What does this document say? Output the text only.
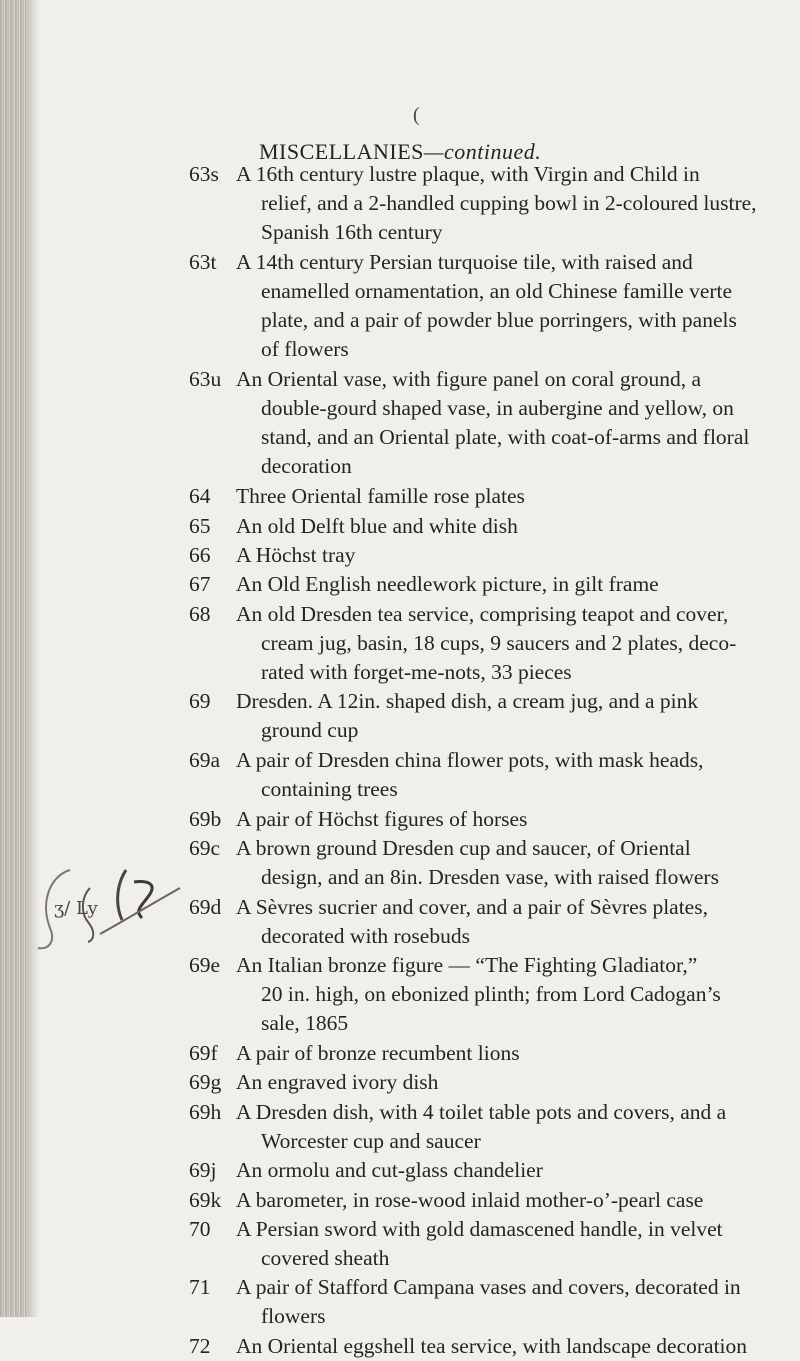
(
MISCELLANIES—continued.
ʒ/ Ly
63s A 16th century lustre plaque, with Virgin and Child in
relief, and a 2-handled cupping bowl in 2-coloured lustre,
Spanish 16th century
63t A 14th century Persian turquoise tile, with raised and
enamelled ornamentation, an old Chinese famille verte
plate, and a pair of powder blue porringers, with panels
of flowers
63u An Oriental vase, with figure panel on coral ground, a
double-gourd shaped vase, in aubergine and yellow, on
stand, and an Oriental plate, with coat-of-arms and floral
decoration
64 Three Oriental famille rose plates
65 An old Delft blue and white dish
66 A Höchst tray
67 An Old English needlework picture, in gilt frame
68 An old Dresden tea service, comprising teapot and cover,
cream jug, basin, 18 cups, 9 saucers and 2 plates, deco-
rated with forget-me-nots, 33 pieces
69 Dresden. A 12in. shaped dish, a cream jug, and a pink
ground cup
69a A pair of Dresden china flower pots, with mask heads,
containing trees
69b A pair of Höchst figures of horses
69c A brown ground Dresden cup and saucer, of Oriental
design, and an 8in. Dresden vase, with raised flowers
69d A Sèvres sucrier and cover, and a pair of Sèvres plates,
decorated with rosebuds
69e An Italian bronze figure — “The Fighting Gladiator,”
20 in. high, on ebonized plinth; from Lord Cadogan’s
sale, 1865
69f A pair of bronze recumbent lions
69g An engraved ivory dish
69h A Dresden dish, with 4 toilet table pots and covers, and a
Worcester cup and saucer
69j An ormolu and cut-glass chandelier
69k A barometer, in rose-wood inlaid mother-o’-pearl case
70 A Persian sword with gold damascened handle, in velvet
covered sheath
71 A pair of Stafford Campana vases and covers, decorated in
flowers
72 An Oriental eggshell tea service, with landscape decoration
